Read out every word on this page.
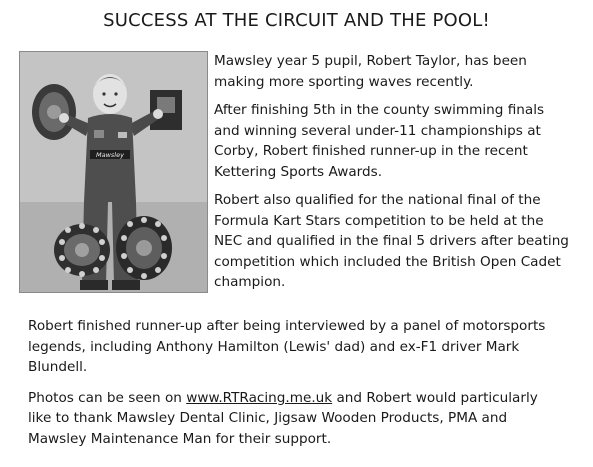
SUCCESS AT THE CIRCUIT AND THE POOL!
Mawsley

Mawsley year 5 pupil, Robert Taylor, has been
making more sporting waves recently.

After finishing 5th in the county swimming finals
and winning several under-11 championships at
Corby, Robert finished runner-up in the recent
Kettering Sports Awards.

Robert also qualified for the national final of the
Formula Kart Stars competition to be held at the
NEC and qualified in the final 5 drivers after beating
competition which included the British Open Cadet
champion.

Robert finished runner-up after being interviewed by a panel of motorsports
legends, including Anthony Hamilton (Lewis' dad) and ex-F1 driver Mark
Blundell.

Photos can be seen on www.RTRacing.me.uk and Robert would particularly
like to thank Mawsley Dental Clinic, Jigsaw Wooden Products, PMA and
Mawsley Maintenance Man for their support.
